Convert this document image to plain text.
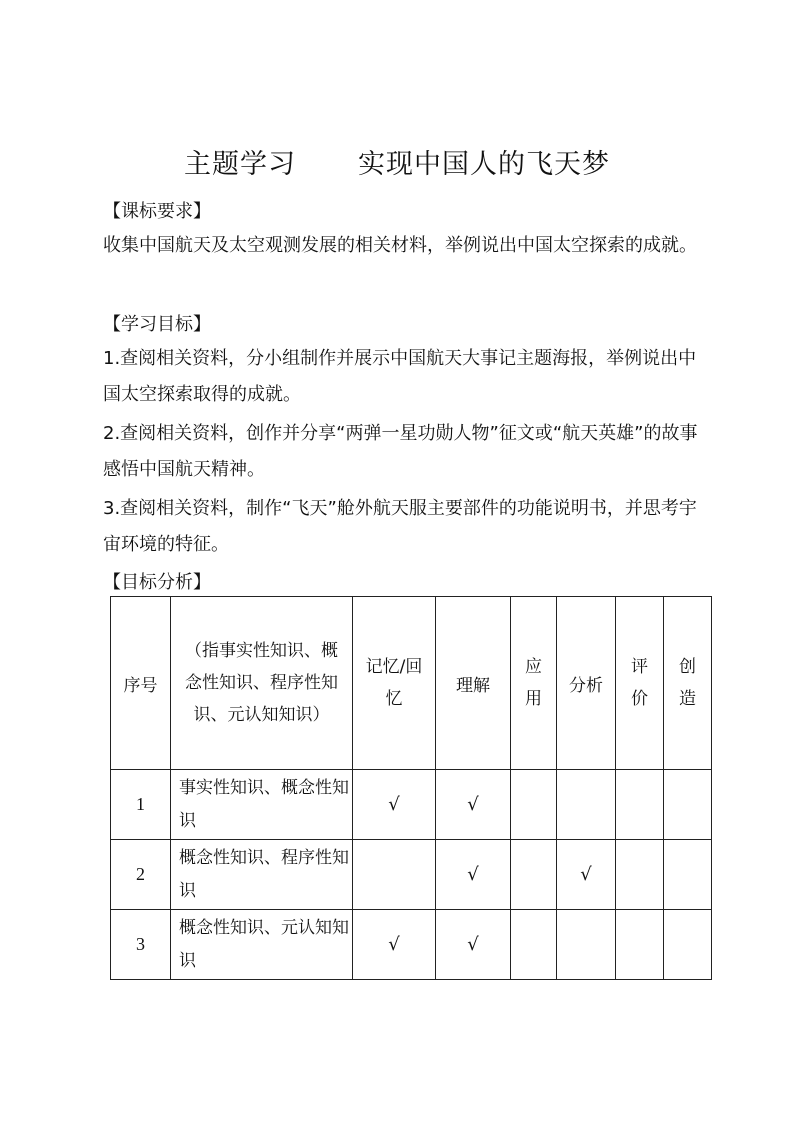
主题学习 实现中国人的飞天梦
【课标要求】
收集中国航天及太空观测发展的相关材料，举例说出中国太空探索的成就。
【学习目标】
1.查阅相关资料，分小组制作并展示中国航天大事记主题海报，举例说出中国太空探索取得的成就。
2.查阅相关资料，创作并分享“两弹一星功勋人物”征文或“航天英雄”的故事感悟中国航天精神。
3.查阅相关资料，制作“飞天”舱外航天服主要部件的功能说明书，并思考宇宙环境的特征。
【目标分析】
序号	（指事实性知识、概念性知识、程序性知识、元认知知识）	记忆/回忆	理解	应用	分析	评价	创造
1	事实性知识、概念性知识	√	√				
2	概念性知识、程序性知识		√		√		
3	概念性知识、元认知知识	√	√				
